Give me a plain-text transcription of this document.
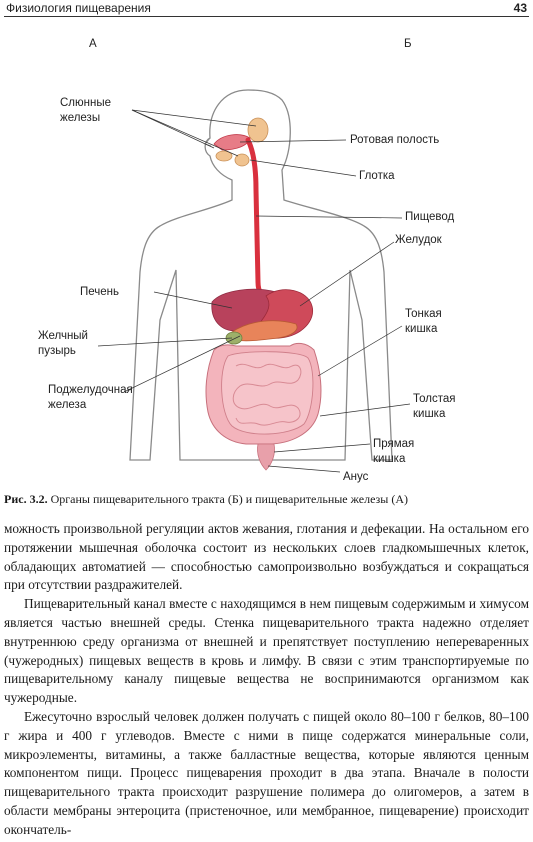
Физиология пищеварения	43
А	Б
Слюнные
железы
Ротовая полость
Глотка
Пищевод
Желудок
Печень
Тонкая
кишка
Желчный
пузырь
Поджелудочная
железа	Толстая
кишка
Прямая
кишка
Анус
Рис. 3.2. Органы пищеварительного тракта (Б) и пищеварительные железы (А)

можность произвольной регуляции актов жевания, глотания и дефекации. На остальном его протяжении мышечная оболочка состоит из нескольких слоев гладкомышечных клеток, обладающих автоматией — способностью самопроизвольно возбуждаться и сокращаться при отсутствии раздражителей.

Пищеварительный канал вместе с находящимся в нем пищевым содержимым и химусом является частью внешней среды. Стенка пищеварительного тракта надежно отделяет внутреннюю среду организма от внешней и препятствует поступлению непереваренных (чужеродных) пищевых веществ в кровь и лимфу. В связи с этим транспортируемые по пищеварительному каналу пищевые вещества не воспринимаются организмом как чужеродные.

Ежесуточно взрослый человек должен получать с пищей около 80–100 г белков, 80–100 г жира и 400 г углеводов. Вместе с ними в пище содержатся минеральные соли, микроэлементы, витамины, а также балластные вещества, которые являются ценным компонентом пищи. Процесс пищеварения проходит в два этапа. Вначале в полости пищеварительного тракта происходит разрушение полимера до олигомеров, а затем в области мембраны энтероцита (пристеночное, или мембранное, пищеварение) происходит окончатель-
